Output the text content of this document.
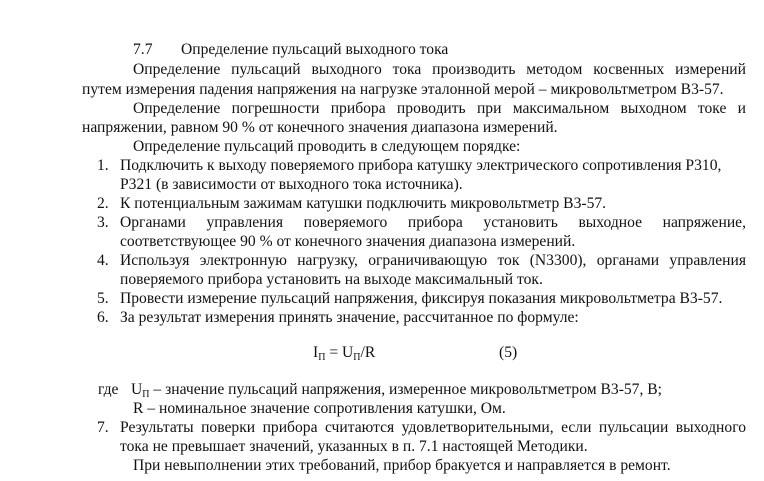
7.7 Определение пульсаций выходного тока
Определение пульсаций выходного тока производить методом косвенных измерений
путем измерения падения напряжения на нагрузке эталонной мерой – микровольтметром В3-57.
Определение погрешности прибора проводить при максимальном выходном токе и
напряжении, равном 90 % от конечного значения диапазона измерений.
Определение пульсаций проводить в следующем порядке:
1. Подключить к выходу поверяемого прибора катушку электрического сопротивления Р310,
Р321 (в зависимости от выходного тока источника).
2. К потенциальным зажимам катушки подключить микровольтметр В3-57.
3. Органами управления поверяемого прибора установить выходное напряжение,
соответствующее 90 % от конечного значения диапазона измерений.
4. Используя электронную нагрузку, ограничивающую ток (N3300), органами управления
поверяемого прибора установить на выходе максимальный ток.
5. Провести измерение пульсаций напряжения, фиксируя показания микровольтметра В3-57.
6. За результат измерения принять значение, рассчитанное по формуле:
$I_П = U_П/R$	(5)
где $U_П$ – значение пульсаций напряжения, измеренное микровольтметром В3-57, В;
R – номинальное значение сопротивления катушки, Ом.
7. Результаты поверки прибора считаются удовлетворительными, если пульсации выходного
тока не превышает значений, указанных в п. 7.1 настоящей Методики.
При невыполнении этих требований, прибор бракуется и направляется в ремонт.
